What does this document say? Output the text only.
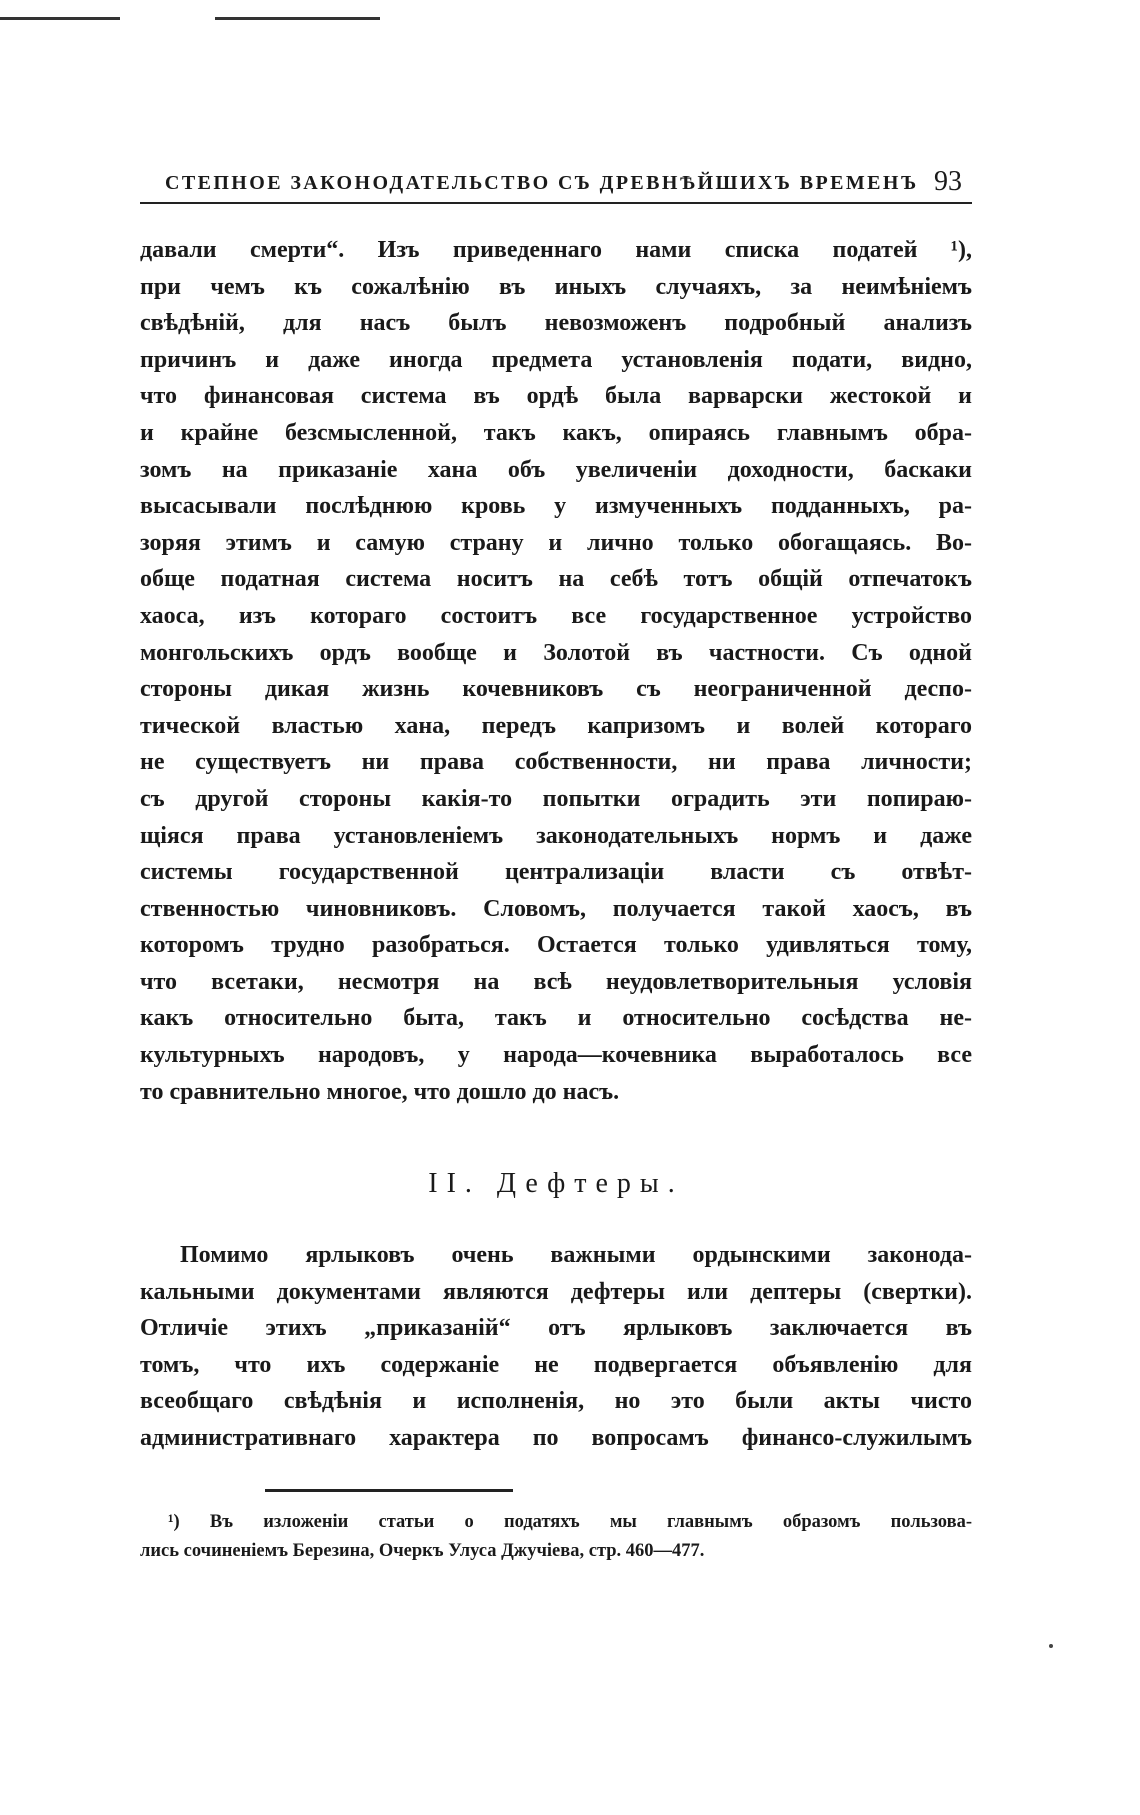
СТЕПНОЕ ЗАКОНОДАТЕЛЬСТВО СЪ ДРЕВНѢЙШИХЪ ВРЕМЕНЪ 93
давали смерти“. Изъ приведеннаго нами списка податей ¹),
при чемъ къ сожалѣнію въ иныхъ случаяхъ, за неимѣніемъ
свѣдѣній, для насъ былъ невозможенъ подробный анализъ
причинъ и даже иногда предмета установленія подати, видно,
что финансовая система въ ордѣ была варварски жестокой и
и крайне безсмысленной, такъ какъ, опираясь главнымъ обра-
зомъ на приказаніе хана объ увеличеніи доходности, баскаки
высасывали послѣднюю кровь у измученныхъ подданныхъ, ра-
зоряя этимъ и самую страну и лично только обогащаясь. Во-
обще податная система носитъ на себѣ тотъ общій отпечатокъ
хаоса, изъ котораго состоитъ все государственное устройство
монгольскихъ ордъ вообще и Золотой въ частности. Съ одной
стороны дикая жизнь кочевниковъ съ неограниченной деспо-
тической властью хана, передъ капризомъ и волей котораго
не существуетъ ни права собственности, ни права личности;
съ другой стороны какія-то попытки оградить эти попираю-
щіяся права установленіемъ законодательныхъ нормъ и даже
системы государственной централизаціи власти съ отвѣт-
ственностью чиновниковъ. Словомъ, получается такой хаосъ, въ
которомъ трудно разобраться. Остается только удивляться тому,
что всетаки, несмотря на всѣ неудовлетворительныя условія
какъ относительно быта, такъ и относительно сосѣдства не-
культурныхъ народовъ, у народа—кочевника выработалось все
то сравнительно многое, что дошло до насъ.
II. Дефтеры.
Помимо ярлыковъ очень важными ордынскими законода-
кальными документами являются дефтеры или дептеры (свертки).
Отличіе этихъ „приказаній“ отъ ярлыковъ заключается въ
томъ, что ихъ содержаніе не подвергается объявленію для
всеобщаго свѣдѣнія и исполненія, но это были акты чисто
административнаго характера по вопросамъ финансо-служилымъ
¹) Въ изложеніи статьи о податяхъ мы главнымъ образомъ пользова-
лись сочиненіемъ Березина, Очеркъ Улуса Джучіева, стр. 460—477.
